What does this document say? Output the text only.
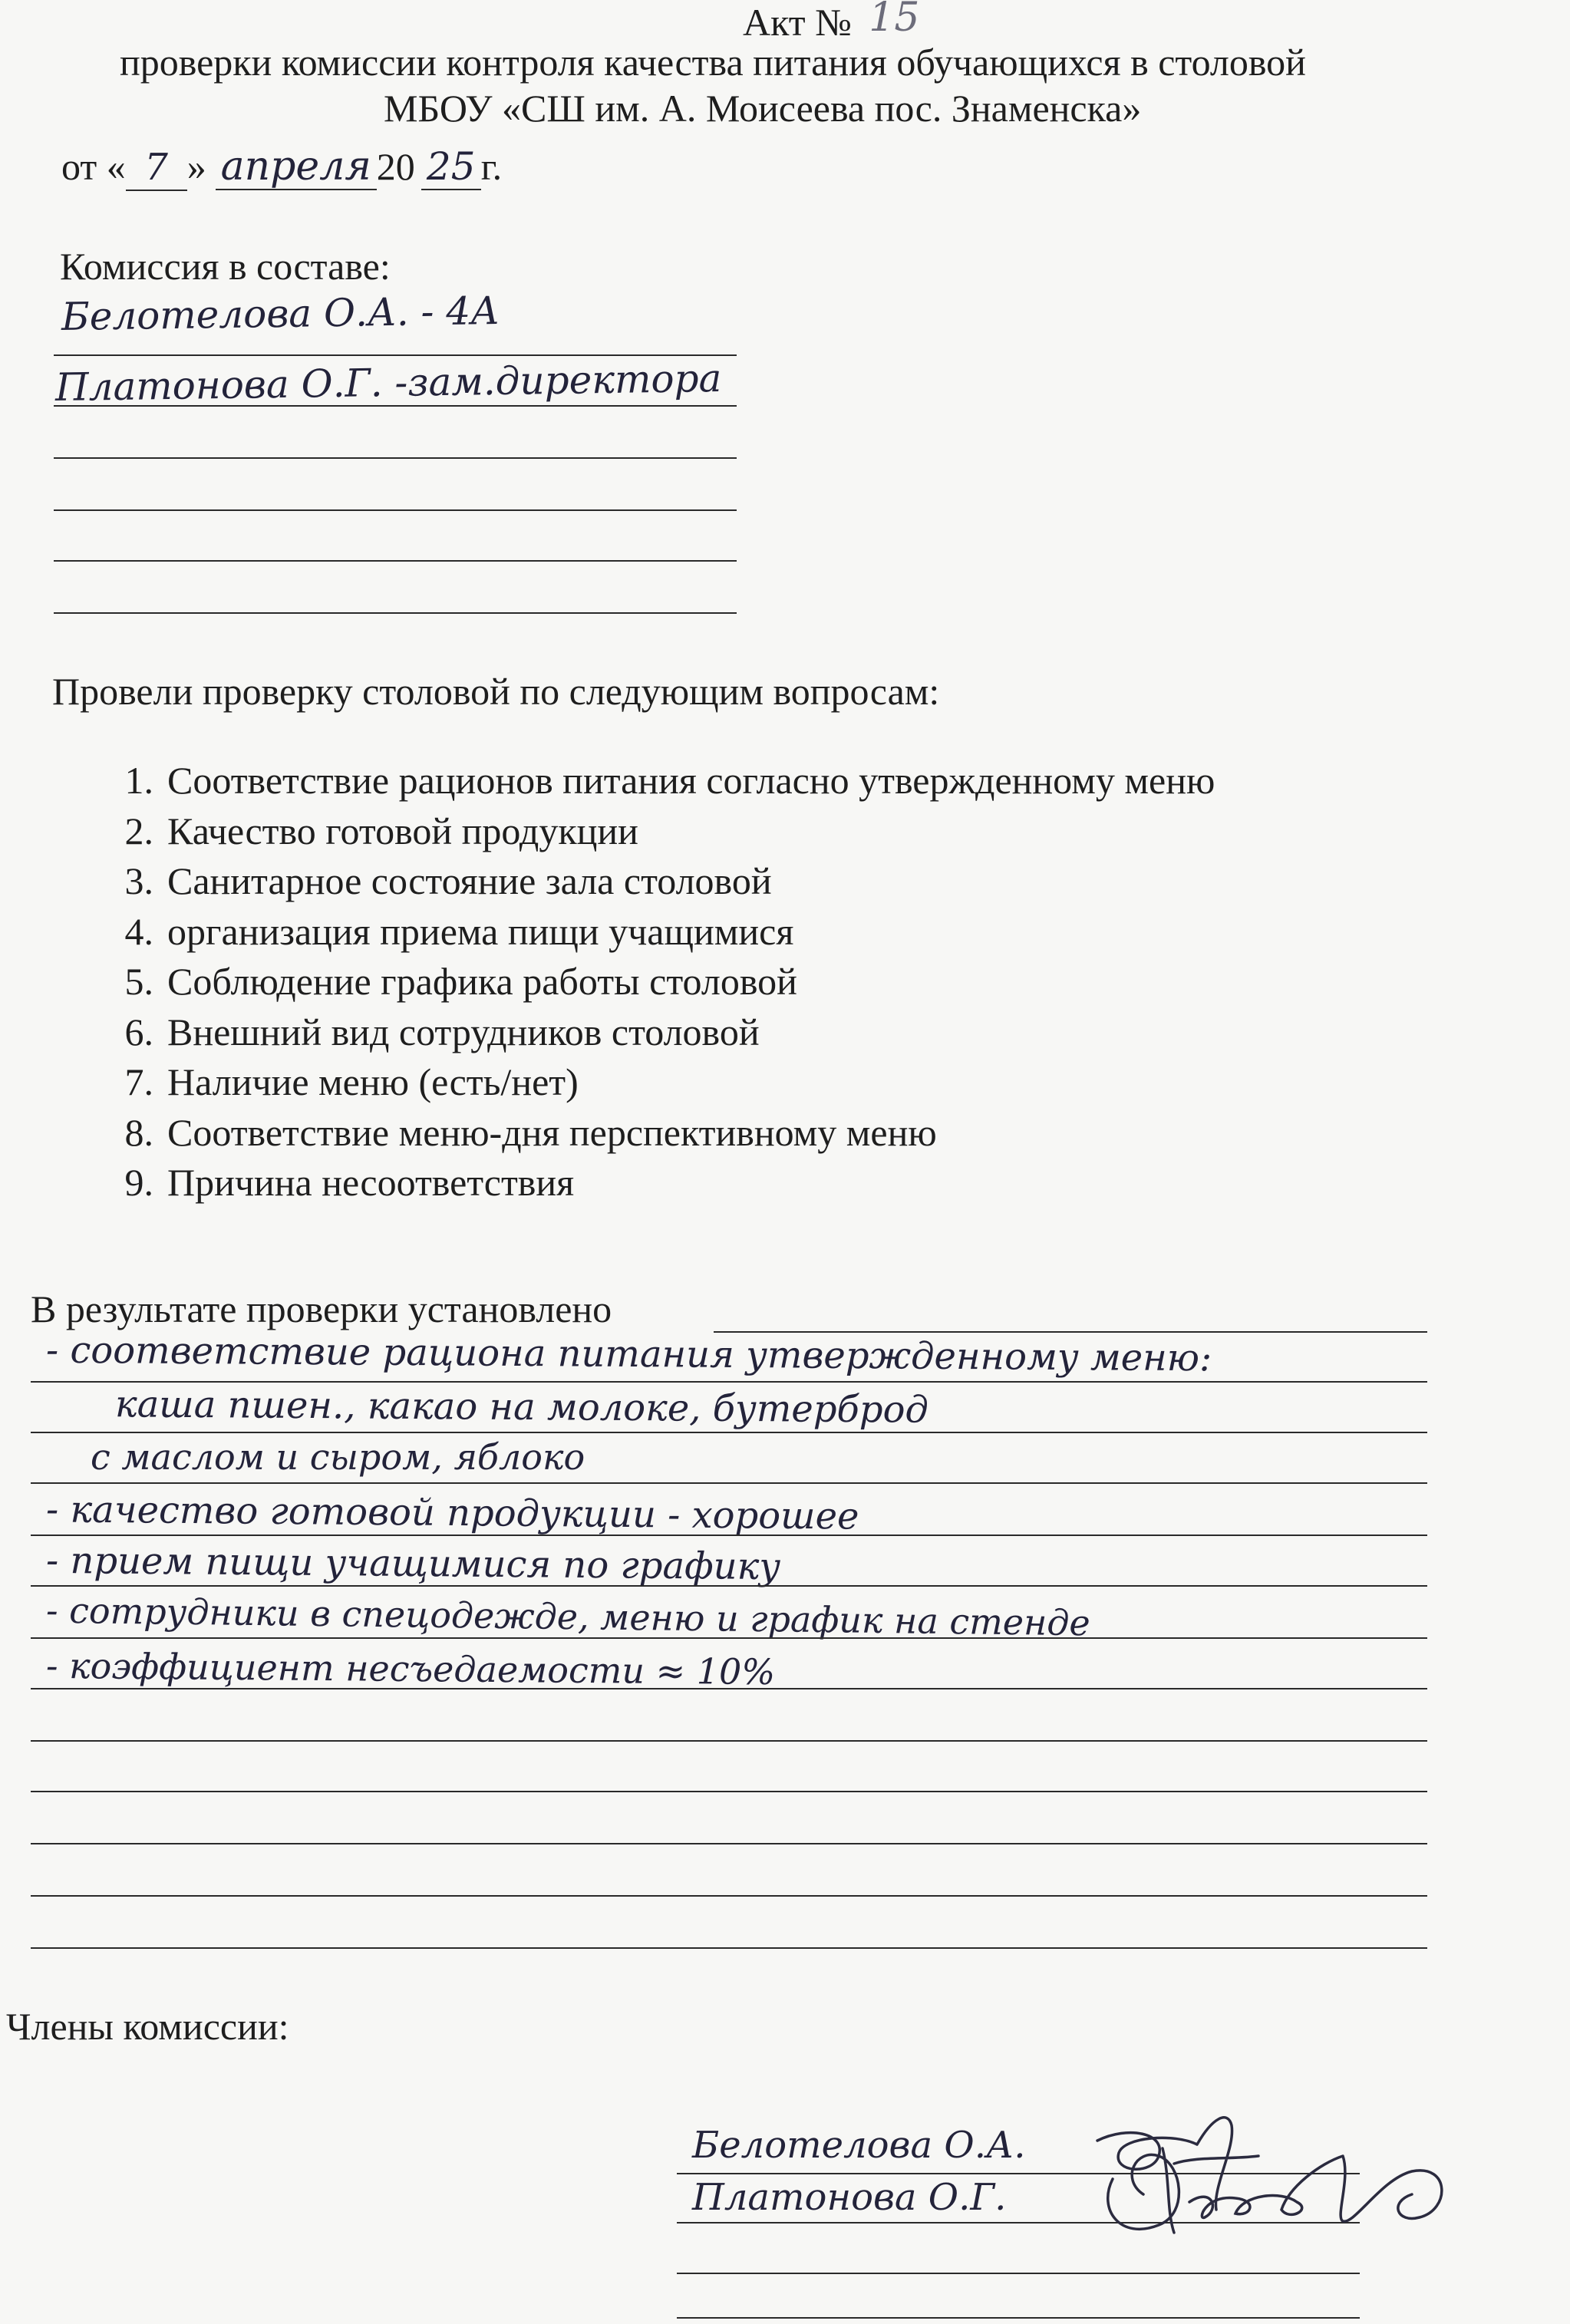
Акт № 15
проверки комиссии контроля качества питания обучающихся в столовой
МБОУ «СШ им. А. Моисеева пос. Знаменска»
от « 7 » апреля 20 25 г.
Комиссия в составе:
Белотелова О.А. - 4А
Платонова О.Г. -зам.директора
Провели проверку столовой по следующим вопросам:
1. Соответствие рационов питания согласно утвержденному меню
2. Качество готовой продукции
3. Санитарное состояние зала столовой
4. организация приема пищи учащимися
5. Соблюдение графика работы столовой
6. Внешний вид сотрудников столовой
7. Наличие меню (есть/нет)
8. Соответствие меню-дня перспективному меню
9. Причина несоответствия
В результате проверки установлено
- соответствие рациона питания утвержденному меню:
каша пшен., какао на молоке, бутерброд
с маслом и сыром, яблоко
- качество готовой продукции - хорошее
- прием пищи учащимися по графику
- сотрудники в спецодежде, меню и график на стенде
- коэффициент несъедаемости ≈ 10%
Члены комиссии:
Белотелова О.А.
Платонова О.Г.
